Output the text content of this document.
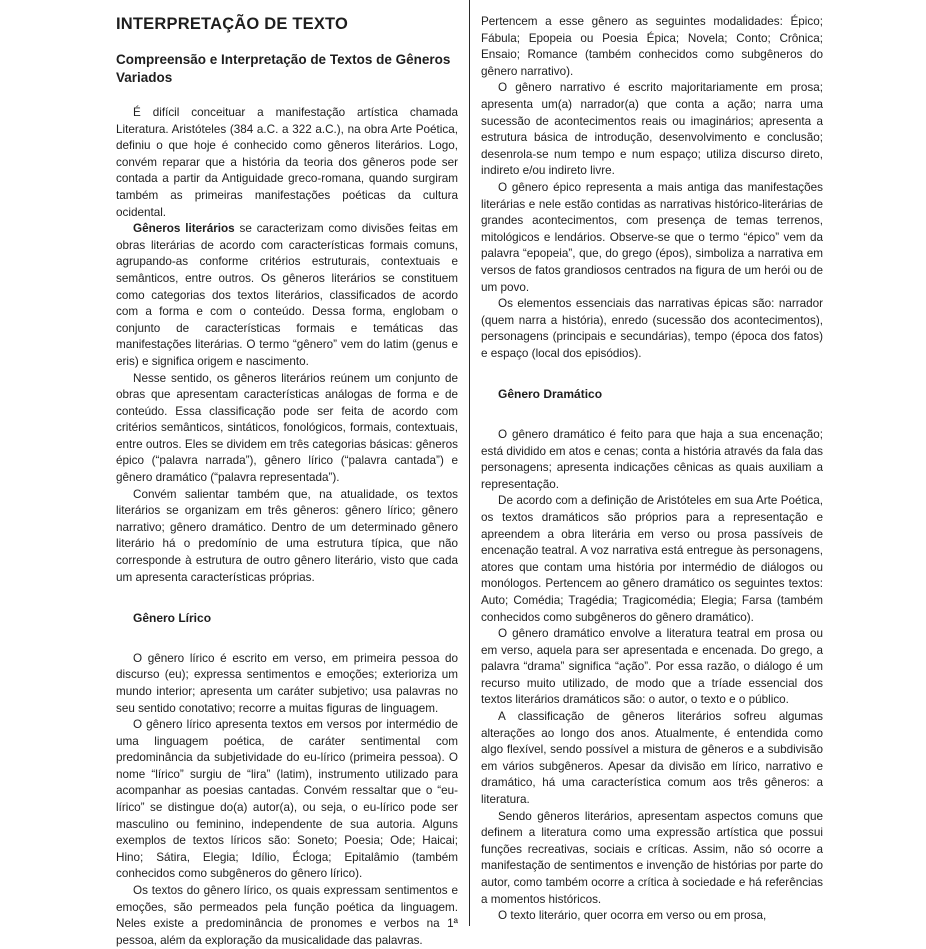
INTERPRETAÇÃO DE TEXTO
Compreensão e Interpretação de Textos de Gêneros Variados

É difícil conceituar a manifestação artística chamada Literatura. Aristóteles (384 a.C. a 322 a.C.), na obra Arte Poética, definiu o que hoje é conhecido como gêneros literários. Logo, convém reparar que a história da teoria dos gêneros pode ser contada a partir da Antiguidade greco-romana, quando surgiram também as primeiras manifestações poéticas da cultura ocidental.

Gêneros literários se caracterizam como divisões feitas em obras literárias de acordo com características formais comuns, agrupando-as conforme critérios estruturais, contextuais e semânticos, entre outros. Os gêneros literários se constituem como categorias dos textos literários, classificados de acordo com a forma e com o conteúdo. Dessa forma, englobam o conjunto de características formais e temáticas das manifestações literárias. O termo “gênero” vem do latim (genus e eris) e significa origem e nascimento.

Nesse sentido, os gêneros literários reúnem um conjunto de obras que apresentam características análogas de forma e de conteúdo. Essa classificação pode ser feita de acordo com critérios semânticos, sintáticos, fonológicos, formais, contextuais, entre outros. Eles se dividem em três categorias básicas: gêneros épico (“palavra narrada”), gênero lírico (“palavra cantada”) e gênero dramático (“palavra representada”).

Convém salientar também que, na atualidade, os textos literários se organizam em três gêneros: gênero lírico; gênero narrativo; gênero dramático. Dentro de um determinado gênero literário há o predomínio de uma estrutura típica, que não corresponde à estrutura de outro gênero literário, visto que cada um apresenta características próprias.

Gênero Lírico

O gênero lírico é escrito em verso, em primeira pessoa do discurso (eu); expressa sentimentos e emoções; exterioriza um mundo interior; apresenta um caráter subjetivo; usa palavras no seu sentido conotativo; recorre a muitas figuras de linguagem.

O gênero lírico apresenta textos em versos por intermédio de uma linguagem poética, de caráter sentimental com predominância da subjetividade do eu-lírico (primeira pessoa). O nome “lírico” surgiu de “lira” (latim), instrumento utilizado para acompanhar as poesias cantadas. Convém ressaltar que o “eu-lírico” se distingue do(a) autor(a), ou seja, o eu-lírico pode ser masculino ou feminino, independente de sua autoria. Alguns exemplos de textos líricos são: Soneto; Poesia; Ode; Haicai; Hino; Sátira, Elegia; Idílio, Écloga; Epitalâmio (também conhecidos como subgêneros do gênero lírico).

Os textos do gênero lírico, os quais expressam sentimentos e emoções, são permeados pela função poética da linguagem. Neles existe a predominância de pronomes e verbos na 1ª pessoa, além da exploração da musicalidade das palavras.

Pertencem a esse gênero as seguintes modalidades: Épico; Fábula; Epopeia ou Poesia Épica; Novela; Conto; Crônica; Ensaio; Romance (também conhecidos como subgêneros do gênero narrativo).

O gênero narrativo é escrito majoritariamente em prosa; apresenta um(a) narrador(a) que conta a ação; narra uma sucessão de acontecimentos reais ou imaginários; apresenta a estrutura básica de introdução, desenvolvimento e conclusão; desenrola-se num tempo e num espaço; utiliza discurso direto, indireto e/ou indireto livre.

O gênero épico representa a mais antiga das manifestações literárias e nele estão contidas as narrativas histórico-literárias de grandes acontecimentos, com presença de temas terrenos, mitológicos e lendários. Observe-se que o termo “épico” vem da palavra “epopeia”, que, do grego (épos), simboliza a narrativa em versos de fatos grandiosos centrados na figura de um herói ou de um povo.

Os elementos essenciais das narrativas épicas são: narrador (quem narra a história), enredo (sucessão dos acontecimentos), personagens (principais e secundárias), tempo (época dos fatos) e espaço (local dos episódios).

Gênero Dramático

O gênero dramático é feito para que haja a sua encenação; está dividido em atos e cenas; conta a história através da fala das personagens; apresenta indicações cênicas as quais auxiliam a representação.

De acordo com a definição de Aristóteles em sua Arte Poética, os textos dramáticos são próprios para a representação e apreendem a obra literária em verso ou prosa passíveis de encenação teatral. A voz narrativa está entregue às personagens, atores que contam uma história por intermédio de diálogos ou monólogos. Pertencem ao gênero dramático os seguintes textos: Auto; Comédia; Tragédia; Tragicomédia; Elegia; Farsa (também conhecidos como subgêneros do gênero dramático).

O gênero dramático envolve a literatura teatral em prosa ou em verso, aquela para ser apresentada e encenada. Do grego, a palavra “drama” significa “ação”. Por essa razão, o diálogo é um recurso muito utilizado, de modo que a tríade essencial dos textos literários dramáticos são: o autor, o texto e o público.

A classificação de gêneros literários sofreu algumas alterações ao longo dos anos. Atualmente, é entendida como algo flexível, sendo possível a mistura de gêneros e a subdivisão em vários subgêneros. Apesar da divisão em lírico, narrativo e dramático, há uma característica comum aos três gêneros: a literatura.

Sendo gêneros literários, apresentam aspectos comuns que definem a literatura como uma expressão artística que possui funções recreativas, sociais e críticas. Assim, não só ocorre a manifestação de sentimentos e invenção de histórias por parte do autor, como também ocorre a crítica à sociedade e há referências a momentos históricos.

O texto literário, quer ocorra em verso ou em prosa,
